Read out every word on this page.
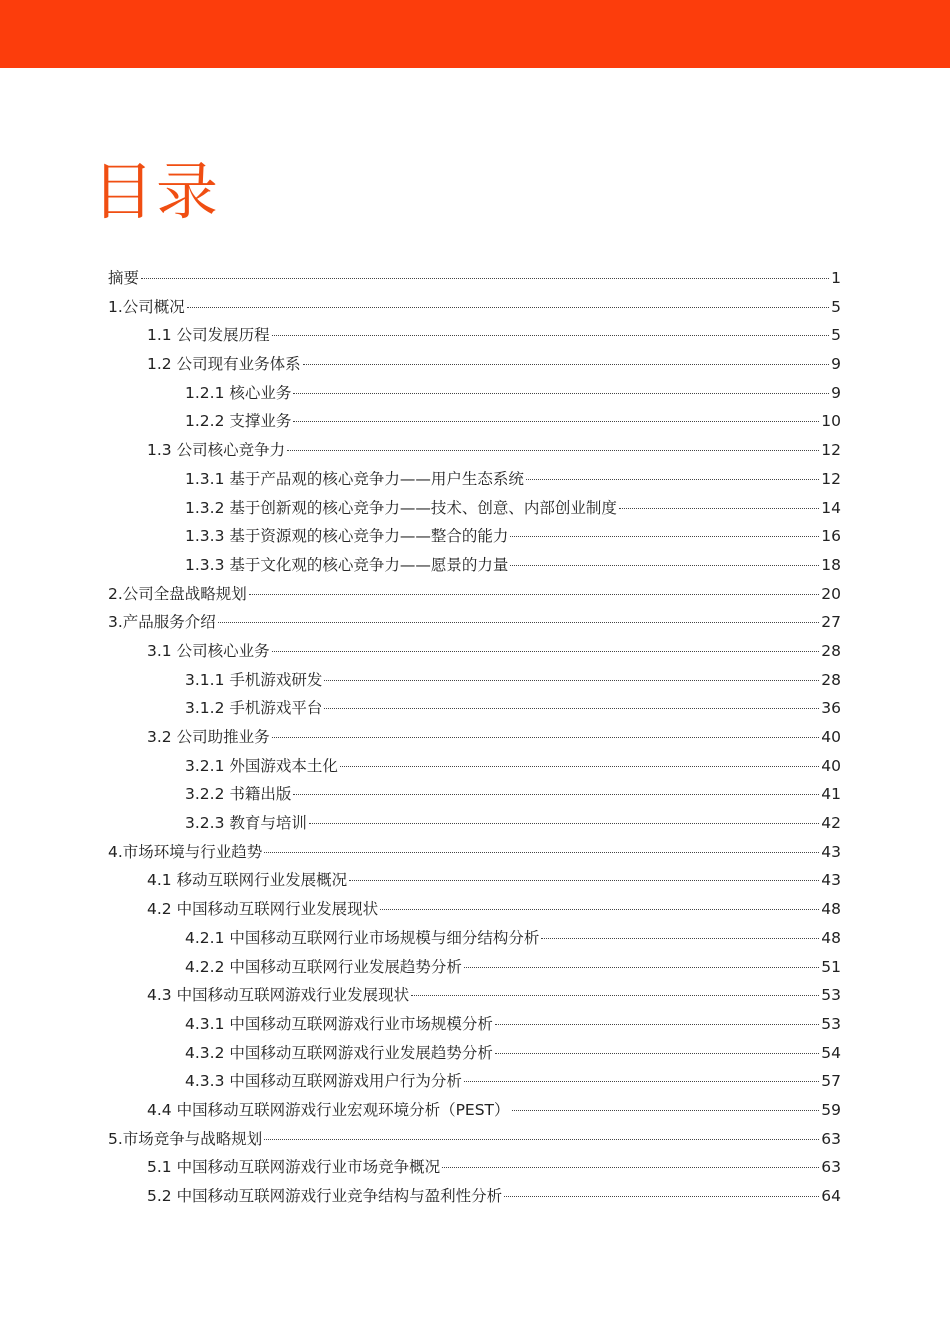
目录
摘要	1
1.公司概况	5
1.1 公司发展历程	5
1.2 公司现有业务体系	9
1.2.1 核心业务	9
1.2.2 支撑业务	10
1.3 公司核心竞争力	12
1.3.1 基于产品观的核心竞争力——用户生态系统	12
1.3.2 基于创新观的核心竞争力——技术、创意、内部创业制度	14
1.3.3 基于资源观的核心竞争力——整合的能力	16
1.3.3 基于文化观的核心竞争力——愿景的力量	18
2.公司全盘战略规划	20
3.产品服务介绍	27
3.1 公司核心业务	28
3.1.1 手机游戏研发	28
3.1.2 手机游戏平台	36
3.2 公司助推业务	40
3.2.1 外国游戏本土化	40
3.2.2 书籍出版	41
3.2.3 教育与培训	42
4.市场环境与行业趋势	43
4.1 移动互联网行业发展概况	43
4.2 中国移动互联网行业发展现状	48
4.2.1 中国移动互联网行业市场规模与细分结构分析	48
4.2.2 中国移动互联网行业发展趋势分析	51
4.3 中国移动互联网游戏行业发展现状	53
4.3.1 中国移动互联网游戏行业市场规模分析	53
4.3.2 中国移动互联网游戏行业发展趋势分析	54
4.3.3 中国移动互联网游戏用户行为分析	57
4.4 中国移动互联网游戏行业宏观环境分析（PEST）	59
5.市场竞争与战略规划	63
5.1 中国移动互联网游戏行业市场竞争概况	63
5.2 中国移动互联网游戏行业竞争结构与盈利性分析	64
